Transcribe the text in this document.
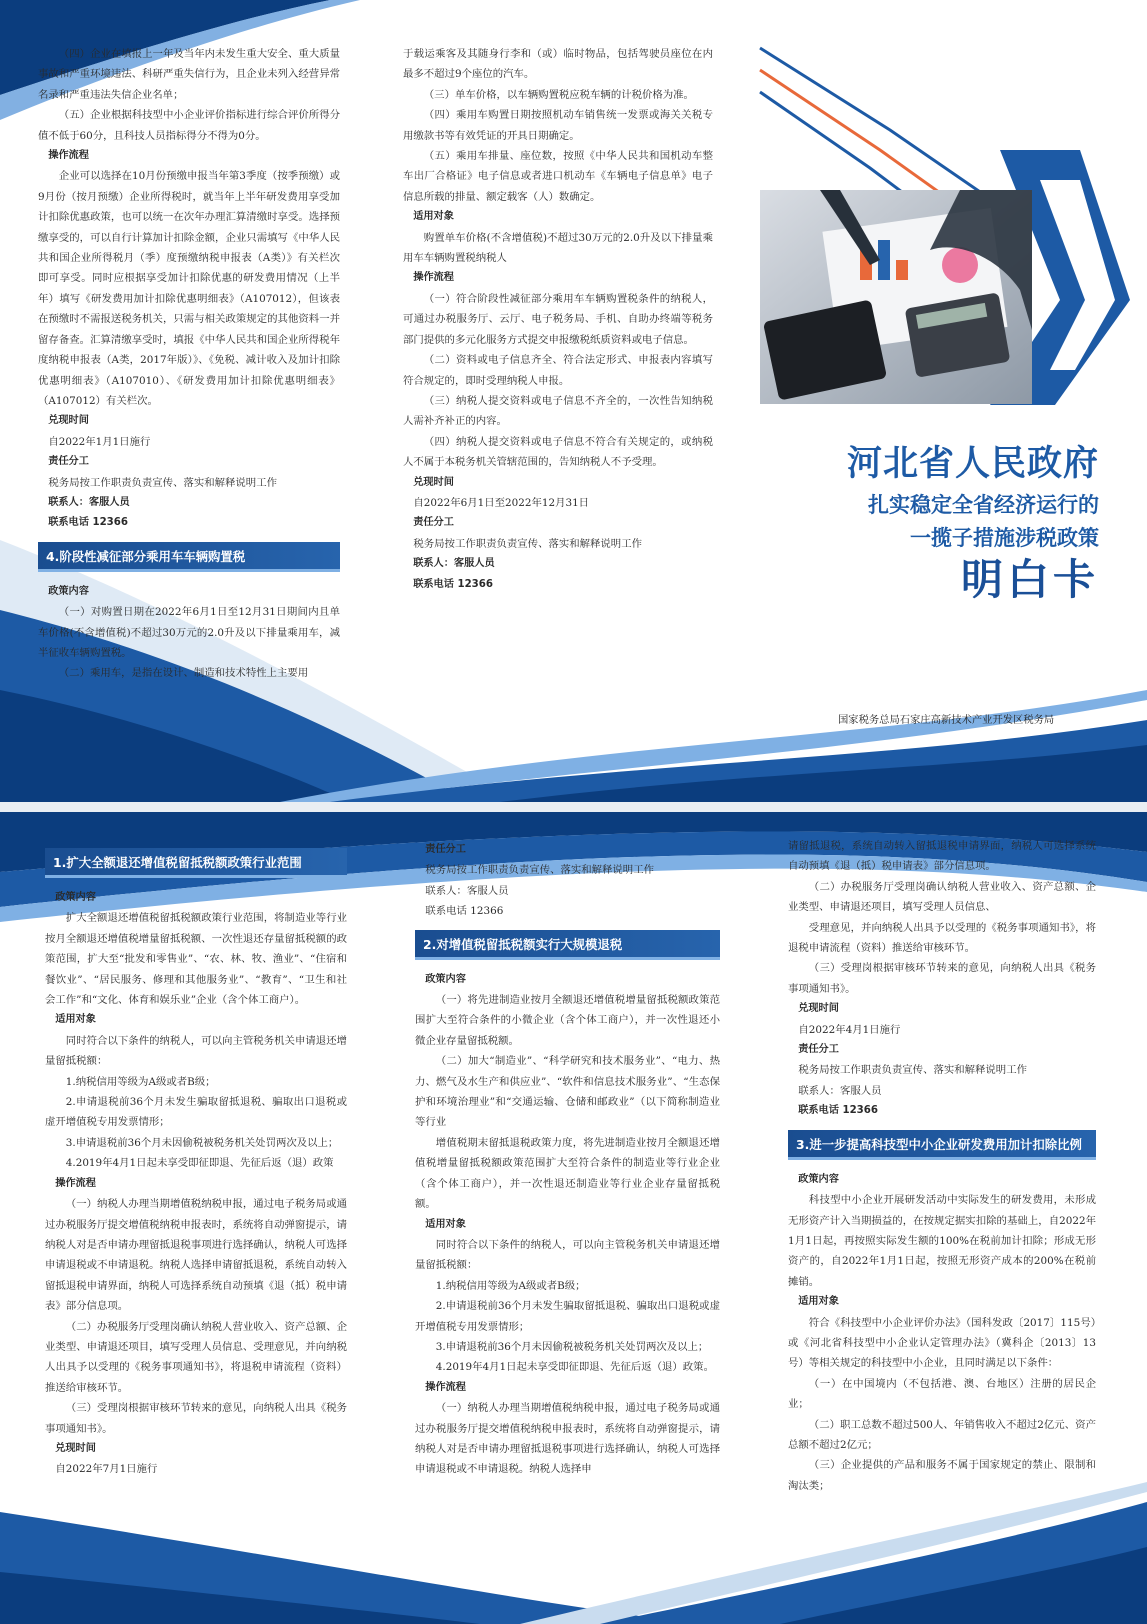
（四）企业在填报上一年及当年内未发生重大安全、重大质量事故和严重环境违法、科研严重失信行为，且企业未列入经营异常名录和严重违法失信企业名单；

（五）企业根据科技型中小企业评价指标进行综合评价所得分值不低于60分，且科技人员指标得分不得为0分。

操作流程

企业可以选择在10月份预缴申报当年第3季度（按季预缴）或9月份（按月预缴）企业所得税时，就当年上半年研发费用享受加计扣除优惠政策，也可以统一在次年办理汇算清缴时享受。选择预缴享受的，可以自行计算加计扣除金额，企业只需填写《中华人民共和国企业所得税月（季）度预缴纳税申报表（A类）》有关栏次即可享受。同时应根据享受加计扣除优惠的研发费用情况（上半年）填写《研发费用加计扣除优惠明细表》（A107012），但该表在预缴时不需报送税务机关，只需与相关政策规定的其他资料一并留存备查。汇算清缴享受时，填报《中华人民共和国企业所得税年度纳税申报表（A类，2017年版）》、《免税、减计收入及加计扣除优惠明细表》（A107010）、《研发费用加计扣除优惠明细表》（A107012）有关栏次。

兑现时间

自2022年1月1日施行

责任分工

税务局按工作职责负责宣传、落实和解释说明工作

联系人：客服人员

联系电话 12366

4.阶段性减征部分乘用车车辆购置税

政策内容

（一）对购置日期在2022年6月1日至12月31日期间内且单车价格(不含增值税)不超过30万元的2.0升及以下排量乘用车，减半征收车辆购置税。

（二）乘用车，是指在设计、制造和技术特性上主要用

于载运乘客及其随身行李和（或）临时物品，包括驾驶员座位在内最多不超过9个座位的汽车。

（三）单车价格，以车辆购置税应税车辆的计税价格为准。

（四）乘用车购置日期按照机动车销售统一发票或海关关税专用缴款书等有效凭证的开具日期确定。

（五）乘用车排量、座位数，按照《中华人民共和国机动车整车出厂合格证》电子信息或者进口机动车《车辆电子信息单》电子信息所载的排量、额定载客（人）数确定。

适用对象

购置单车价格(不含增值税)不超过30万元的2.0升及以下排量乘用车车辆购置税纳税人

操作流程

（一）符合阶段性减征部分乘用车车辆购置税条件的纳税人，可通过办税服务厅、云厅、电子税务局、手机、自助办终端等税务部门提供的多元化服务方式提交申报缴税纸质资料或电子信息。

（二）资料或电子信息齐全、符合法定形式、申报表内容填写符合规定的，即时受理纳税人申报。

（三）纳税人提交资料或电子信息不齐全的，一次性告知纳税人需补齐补正的内容。

（四）纳税人提交资料或电子信息不符合有关规定的，或纳税人不属于本税务机关管辖范围的，告知纳税人不予受理。

兑现时间

自2022年6月1日至2022年12月31日

责任分工

税务局按工作职责负责宣传、落实和解释说明工作

联系人：客服人员

联系电话 12366

河北省人民政府
扎实稳定全省经济运行的
一揽子措施涉税政策
明白卡
国家税务总局石家庄高新技术产业开发区税务局
1.扩大全额退还增值税留抵税额政策行业范围

政策内容

扩大全额退还增值税留抵税额政策行业范围，将制造业等行业按月全额退还增值税增量留抵税额、一次性退还存量留抵税额的政策范围，扩大至“批发和零售业”、“农、林、牧、渔业”、“住宿和餐饮业”、“居民服务、修理和其他服务业”、“教育”、“卫生和社会工作”和“文化、体育和娱乐业”企业（含个体工商户）。

适用对象

同时符合以下条件的纳税人，可以向主管税务机关申请退还增量留抵税额：

1.纳税信用等级为A级或者B级；

2.申请退税前36个月未发生骗取留抵退税、骗取出口退税或虚开增值税专用发票情形；

3.申请退税前36个月未因偷税被税务机关处罚两次及以上；

4.2019年4月1日起未享受即征即退、先征后返（退）政策

操作流程

（一）纳税人办理当期增值税纳税申报，通过电子税务局或通过办税服务厅提交增值税纳税申报表时，系统将自动弹窗提示，请纳税人对是否申请办理留抵退税事项进行选择确认，纳税人可选择申请退税或不申请退税。纳税人选择申请留抵退税，系统自动转入留抵退税申请界面，纳税人可选择系统自动预填《退（抵）税申请表》部分信息项。

（二）办税服务厅受理岗确认纳税人营业收入、资产总额、企业类型、申请退还项目，填写受理人员信息、受理意见，并向纳税人出具予以受理的《税务事项通知书》，将退税申请流程（资料）推送给审核环节。

（三）受理岗根据审核环节转来的意见，向纳税人出具《税务事项通知书》。

兑现时间

自2022年7月1日施行

责任分工

税务局按工作职责负责宣传、落实和解释说明工作

联系人：客服人员

联系电话 12366

2.对增值税留抵税额实行大规模退税

政策内容

（一）将先进制造业按月全额退还增值税增量留抵税额政策范围扩大至符合条件的小微企业（含个体工商户），并一次性退还小微企业存量留抵税额。

（二）加大“制造业”、“科学研究和技术服务业”、“电力、热力、燃气及水生产和供应业”、“软件和信息技术服务业”、“生态保护和环境治理业”和“交通运输、仓储和邮政业”（以下简称制造业等行业

增值税期末留抵退税政策力度，将先进制造业按月全额退还增值税增量留抵税额政策范围扩大至符合条件的制造业等行业企业（含个体工商户），并一次性退还制造业等行业企业存量留抵税额。

适用对象

同时符合以下条件的纳税人，可以向主管税务机关申请退还增量留抵税额：

1.纳税信用等级为A级或者B级；

2.申请退税前36个月未发生骗取留抵退税、骗取出口退税或虚开增值税专用发票情形；

3.申请退税前36个月未因偷税被税务机关处罚两次及以上；

4.2019年4月1日起未享受即征即退、先征后返（退）政策。

操作流程

（一）纳税人办理当期增值税纳税申报，通过电子税务局或通过办税服务厅提交增值税纳税申报表时，系统将自动弹窗提示，请纳税人对是否申请办理留抵退税事项进行选择确认，纳税人可选择申请退税或不申请退税。纳税人选择申

请留抵退税，系统自动转入留抵退税申请界面，纳税人可选择系统自动预填《退（抵）税申请表》部分信息项。

（二）办税服务厅受理岗确认纳税人营业收入、资产总额、企业类型、申请退还项目，填写受理人员信息、

受理意见，并向纳税人出具予以受理的《税务事项通知书》，将退税申请流程（资料）推送给审核环节。

（三）受理岗根据审核环节转来的意见，向纳税人出具《税务事项通知书》。

兑现时间

自2022年4月1日施行

责任分工

税务局按工作职责负责宣传、落实和解释说明工作

联系人：客服人员

联系电话 12366

3.进一步提高科技型中小企业研发费用加计扣除比例

政策内容

科技型中小企业开展研发活动中实际发生的研发费用，未形成无形资产计入当期损益的，在按规定据实扣除的基础上，自2022年1月1日起，再按照实际发生额的100%在税前加计扣除；形成无形资产的，自2022年1月1日起，按照无形资产成本的200%在税前摊销。

适用对象

符合《科技型中小企业评价办法》（国科发政〔2017〕115号）或《河北省科技型中小企业认定管理办法》（冀科企〔2013〕13号）等相关规定的科技型中小企业，且同时满足以下条件：

（一）在中国境内（不包括港、澳、台地区）注册的居民企业；

（二）职工总数不超过500人、年销售收入不超过2亿元、资产总额不超过2亿元；

（三）企业提供的产品和服务不属于国家规定的禁止、限制和淘汰类；
